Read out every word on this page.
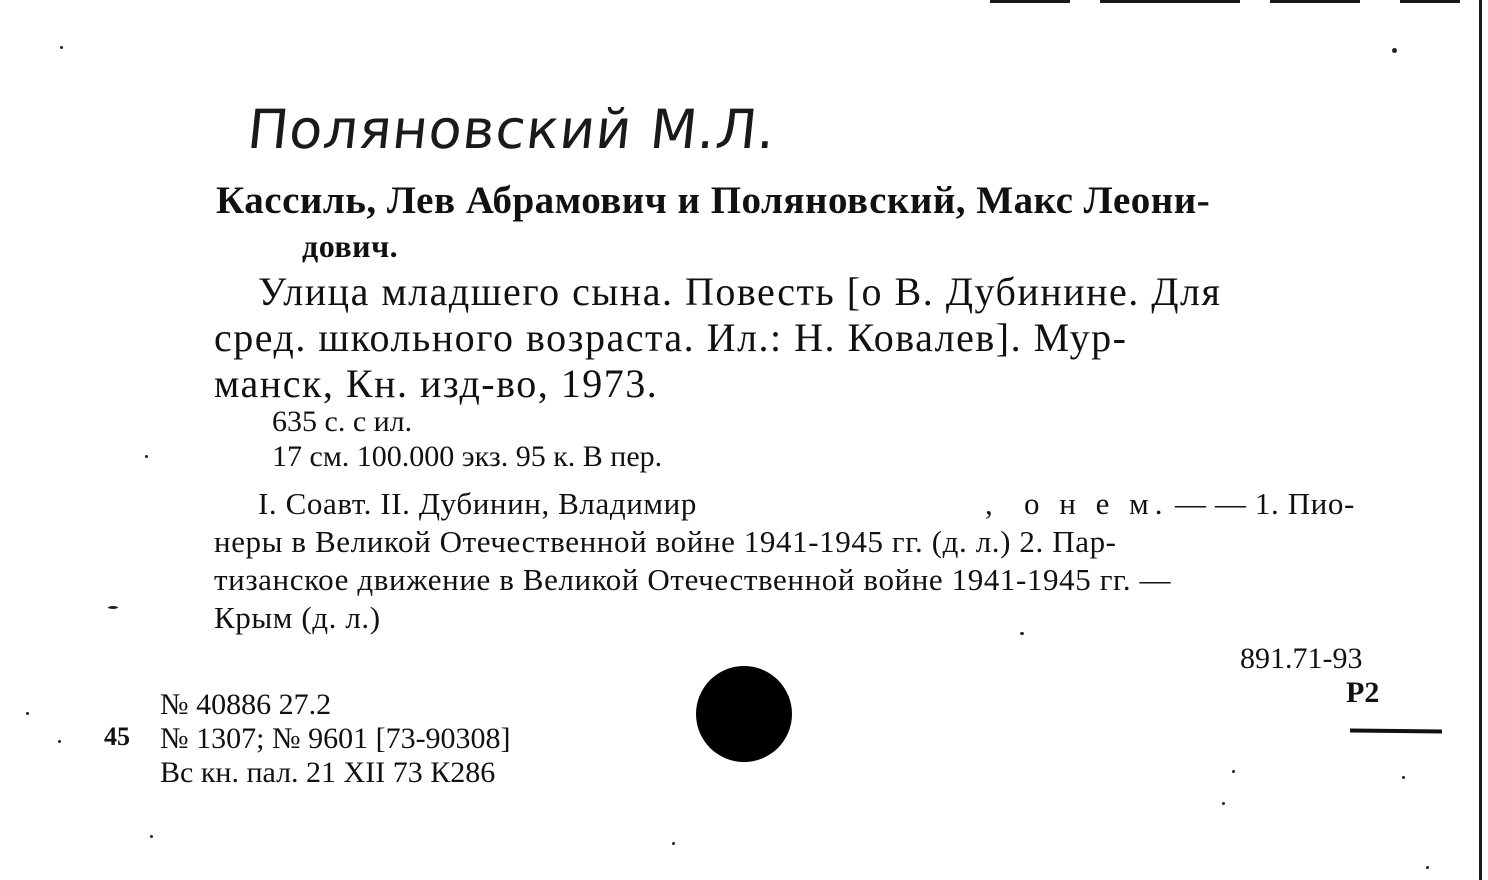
Поляновский М.Л.
Кассиль, Лев Абрамович и Поляновский, Макс Леони-
дович.
Улица младшего сына. Повесть [о В. Дубинине. Для
сред. школьного возраста. Ил.: Н. Ковалев]. Мур-
манск, Кн. изд-во, 1973.
635 с. с ил.
17 см. 100.000 экз. 95 к. В пер.
I. Соавт. II. Дубинин, Владимир	, о н е м. — — 1. Пио-
неры в Великой Отечественной войне 1941-1945 гг. (д. л.) 2. Пар-
тизанское движение в Великой Отечественной войне 1941-1945 гг. —
Крым (д. л.)
891.71-93
Р2
№ 40886 27.2
45 № 1307; № 9601 [73-90308]
Вс кн. пал. 21 XII 73 К286
